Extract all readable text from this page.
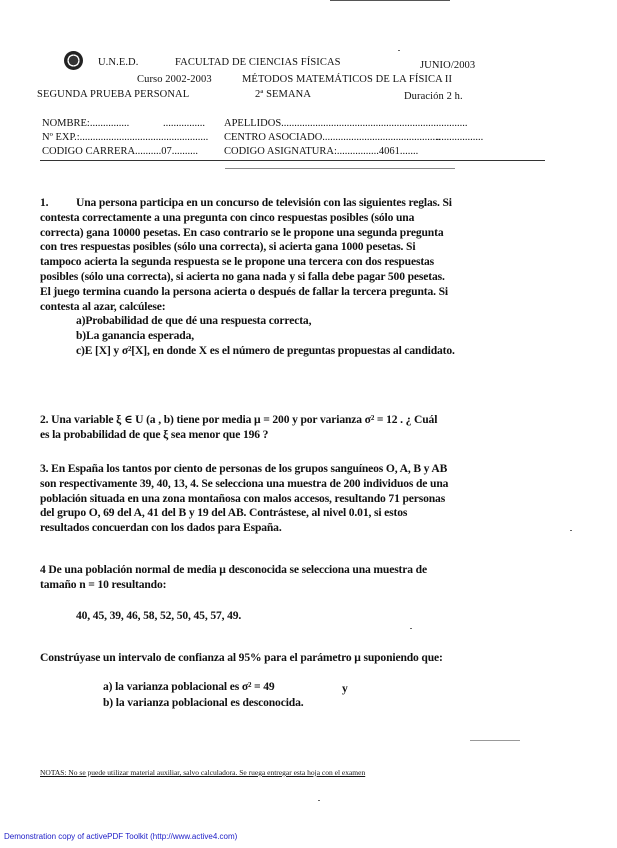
U.N.E.D.	FACULTAD DE CIENCIAS FÍSICAS	JUNIO/2003
Curso 2002-2003	MÉTODOS MATEMÁTICOS DE LA FÍSICA II
SEGUNDA PRUEBA PERSONAL	2ª SEMANA	Duración 2 h.
NOMBRE:...............	................ APELLIDOS.......................................................................
Nº EXP.:................................................. CENTRO ASOCIADO.............................................
..................
CODIGO CARRERA..........07.......... CODIGO ASIGNATURA:................4061.......

1. Una persona participa en un concurso de televisión con las siguientes reglas. Si

contesta correctamente a una pregunta con cinco respuestas posibles (sólo una

correcta) gana 10000 pesetas. En caso contrario se le propone una segunda pregunta

con tres respuestas posibles (sólo una correcta), si acierta gana 1000 pesetas. Si

tampoco acierta la segunda respuesta se le propone una tercera con dos respuestas

posibles (sólo una correcta), si acierta no gana nada y si falla debe pagar 500 pesetas.

El juego termina cuando la persona acierta o después de fallar la tercera pregunta. Si

contesta al azar, calcúlese:

a)Probabilidad de que dé una respuesta correcta,

b)La ganancia esperada,

c)E [X] y σ²[X], en donde X es el número de preguntas propuestas al candidato.

2. Una variable ξ ∈ U (a , b) tiene por media μ = 200 y por varianza σ² = 12 . ¿ Cuál

es la probabilidad de que ξ sea menor que 196 ?

3. En España los tantos por ciento de personas de los grupos sanguíneos O, A, B y AB

son respectivamente 39, 40, 13, 4. Se selecciona una muestra de 200 individuos de una

población situada en una zona montañosa con malos accesos, resultando 71 personas

del grupo O, 69 del A, 41 del B y 19 del AB. Contrástese, al nivel 0.01, si estos

resultados concuerdan con los dados para España.

4 De una población normal de media μ desconocida se selecciona una muestra de

tamaño n = 10 resultando:

40, 45, 39, 46, 58, 52, 50, 45, 57, 49.
Constrúyase un intervalo de confianza al 95% para el parámetro μ suponiendo que:
a) la varianza poblacional es σ² = 49	y
b) la varianza poblacional es desconocida.
NOTAS: No se puede utilizar material auxiliar, salvo calculadora. Se ruega entregar esta hoja con el examen
Demonstration copy of activePDF Toolkit (http://www.active4.com)
